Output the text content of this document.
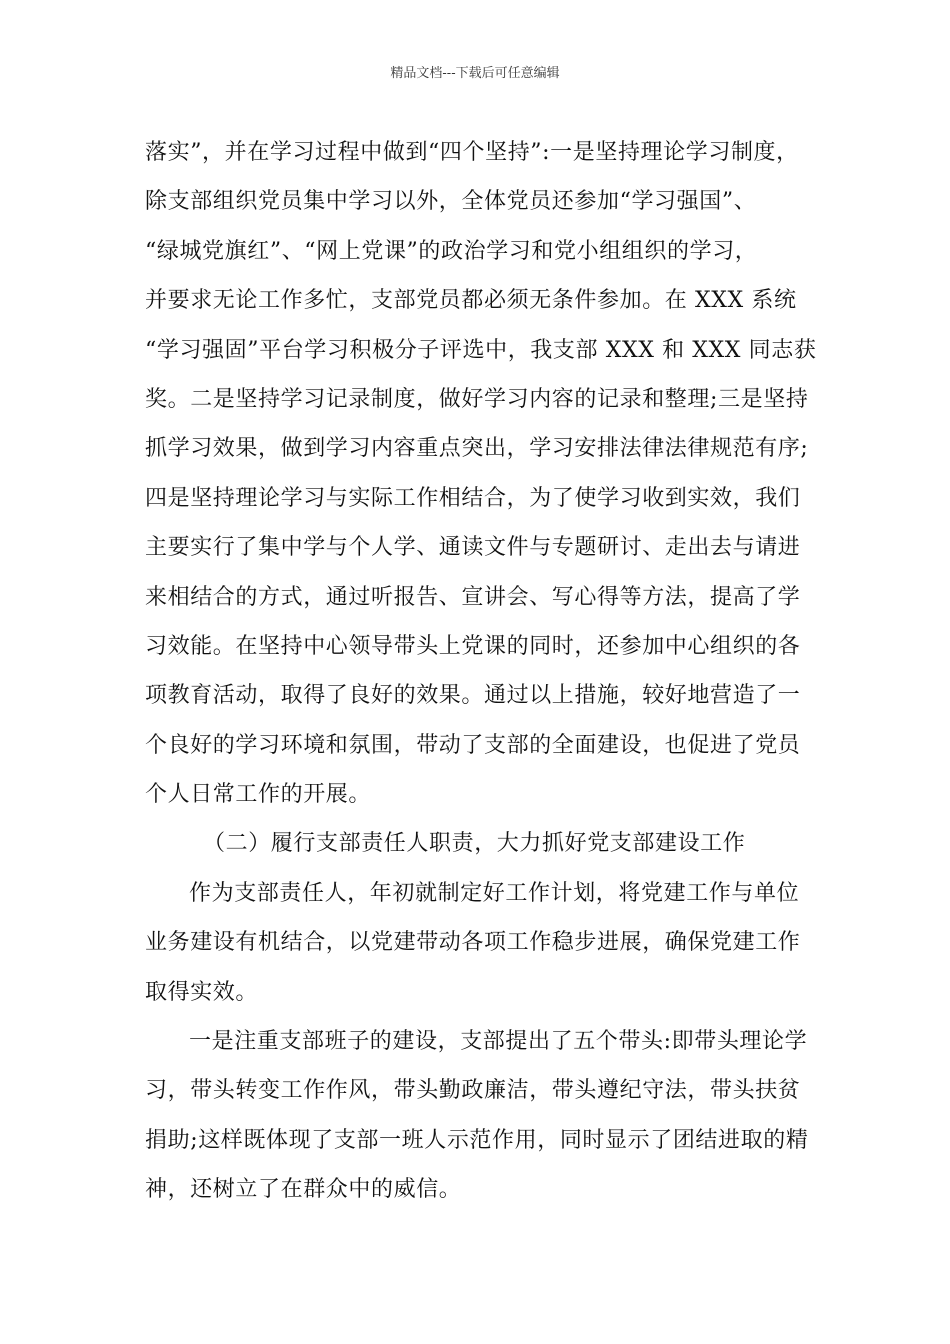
精品文档---下载后可任意编辑
落实”，并在学习过程中做到“四个坚持”:一是坚持理论学习制度，
除支部组织党员集中学习以外，全体党员还参加“学习强国”、
“绿城党旗红”、“网上党课”的政治学习和党小组组织的学习，
并要求无论工作多忙，支部党员都必须无条件参加。在 XXX 系统
“学习强固”平台学习积极分子评选中，我支部 XXX 和 XXX 同志获
奖。二是坚持学习记录制度，做好学习内容的记录和整理;三是坚持
抓学习效果，做到学习内容重点突出，学习安排法律法律规范有序;
四是坚持理论学习与实际工作相结合，为了使学习收到实效，我们
主要实行了集中学与个人学、通读文件与专题研讨、走出去与请进
来相结合的方式，通过听报告、宣讲会、写心得等方法，提高了学
习效能。在坚持中心领导带头上党课的同时，还参加中心组织的各
项教育活动，取得了良好的效果。通过以上措施，较好地营造了一
个良好的学习环境和氛围，带动了支部的全面建设，也促进了党员
个人日常工作的开展。
（二）履行支部责任人职责，大力抓好党支部建设工作
作为支部责任人，年初就制定好工作计划，将党建工作与单位
业务建设有机结合，以党建带动各项工作稳步进展，确保党建工作
取得实效。
一是注重支部班子的建设，支部提出了五个带头:即带头理论学
习，带头转变工作作风，带头勤政廉洁，带头遵纪守法，带头扶贫
捐助;这样既体现了支部一班人示范作用，同时显示了团结进取的精
神，还树立了在群众中的威信。
